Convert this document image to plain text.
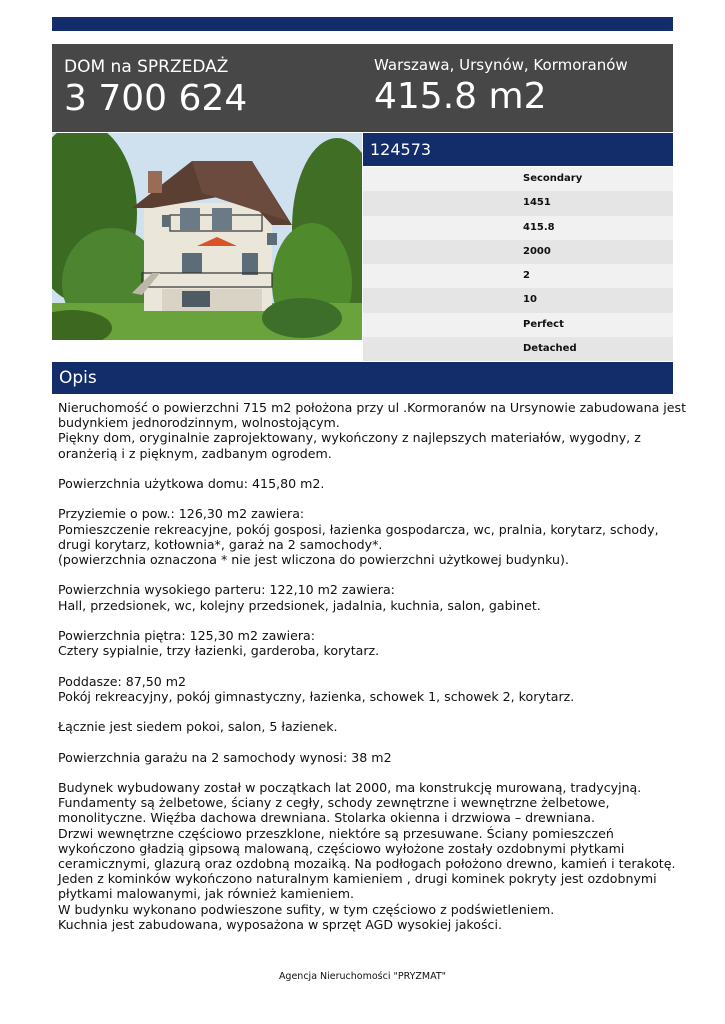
DOM na SPRZEDAŻ
3 700 624
Warszawa, Ursynów, Kormoranów
415.8 m2
124573
Secondary
1451
415.8
2000
2
10
Perfect
Detached
Opis

Nieruchomość o powierzchni 715 m2 położona przy ul .Kormoranów na Ursynowie zabudowana jest

budynkiem jednorodzinnym, wolnostojącym.

Piękny dom, oryginalnie zaprojektowany, wykończony z najlepszych materiałów, wygodny, z

oranżerią i z pięknym, zadbanym ogrodem.

Powierzchnia użytkowa domu: 415,80 m2.

Przyziemie o pow.: 126,30 m2 zawiera:

Pomieszczenie rekreacyjne, pokój gosposi, łazienka gospodarcza, wc, pralnia, korytarz, schody,

drugi korytarz, kotłownia*, garaż na 2 samochody*.

(powierzchnia oznaczona * nie jest wliczona do powierzchni użytkowej budynku).

Powierzchnia wysokiego parteru: 122,10 m2 zawiera:

Hall, przedsionek, wc, kolejny przedsionek, jadalnia, kuchnia, salon, gabinet.

Powierzchnia piętra: 125,30 m2 zawiera:

Cztery sypialnie, trzy łazienki, garderoba, korytarz.

Poddasze: 87,50 m2

Pokój rekreacyjny, pokój gimnastyczny, łazienka, schowek 1, schowek 2, korytarz.

Łącznie jest siedem pokoi, salon, 5 łazienek.

Powierzchnia garażu na 2 samochody wynosi: 38 m2

Budynek wybudowany został w początkach lat 2000, ma konstrukcję murowaną, tradycyjną.

Fundamenty są żelbetowe, ściany z cegły, schody zewnętrzne i wewnętrzne żelbetowe,

monolityczne. Więźba dachowa drewniana. Stolarka okienna i drzwiowa – drewniana.

Drzwi wewnętrzne częściowo przeszklone, niektóre są przesuwane. Ściany pomieszczeń

wykończono gładzią gipsową malowaną, częściowo wyłożone zostały ozdobnymi płytkami

ceramicznymi, glazurą oraz ozdobną mozaiką. Na podłogach położono drewno, kamień i terakotę.

Jeden z kominków wykończono naturalnym kamieniem , drugi kominek pokryty jest ozdobnymi

płytkami malowanymi, jak również kamieniem.

W budynku wykonano podwieszone sufity, w tym częściowo z podświetleniem.

Kuchnia jest zabudowana, wyposażona w sprzęt AGD wysokiej jakości.

Agencja Nieruchomości "PRYZMAT"
